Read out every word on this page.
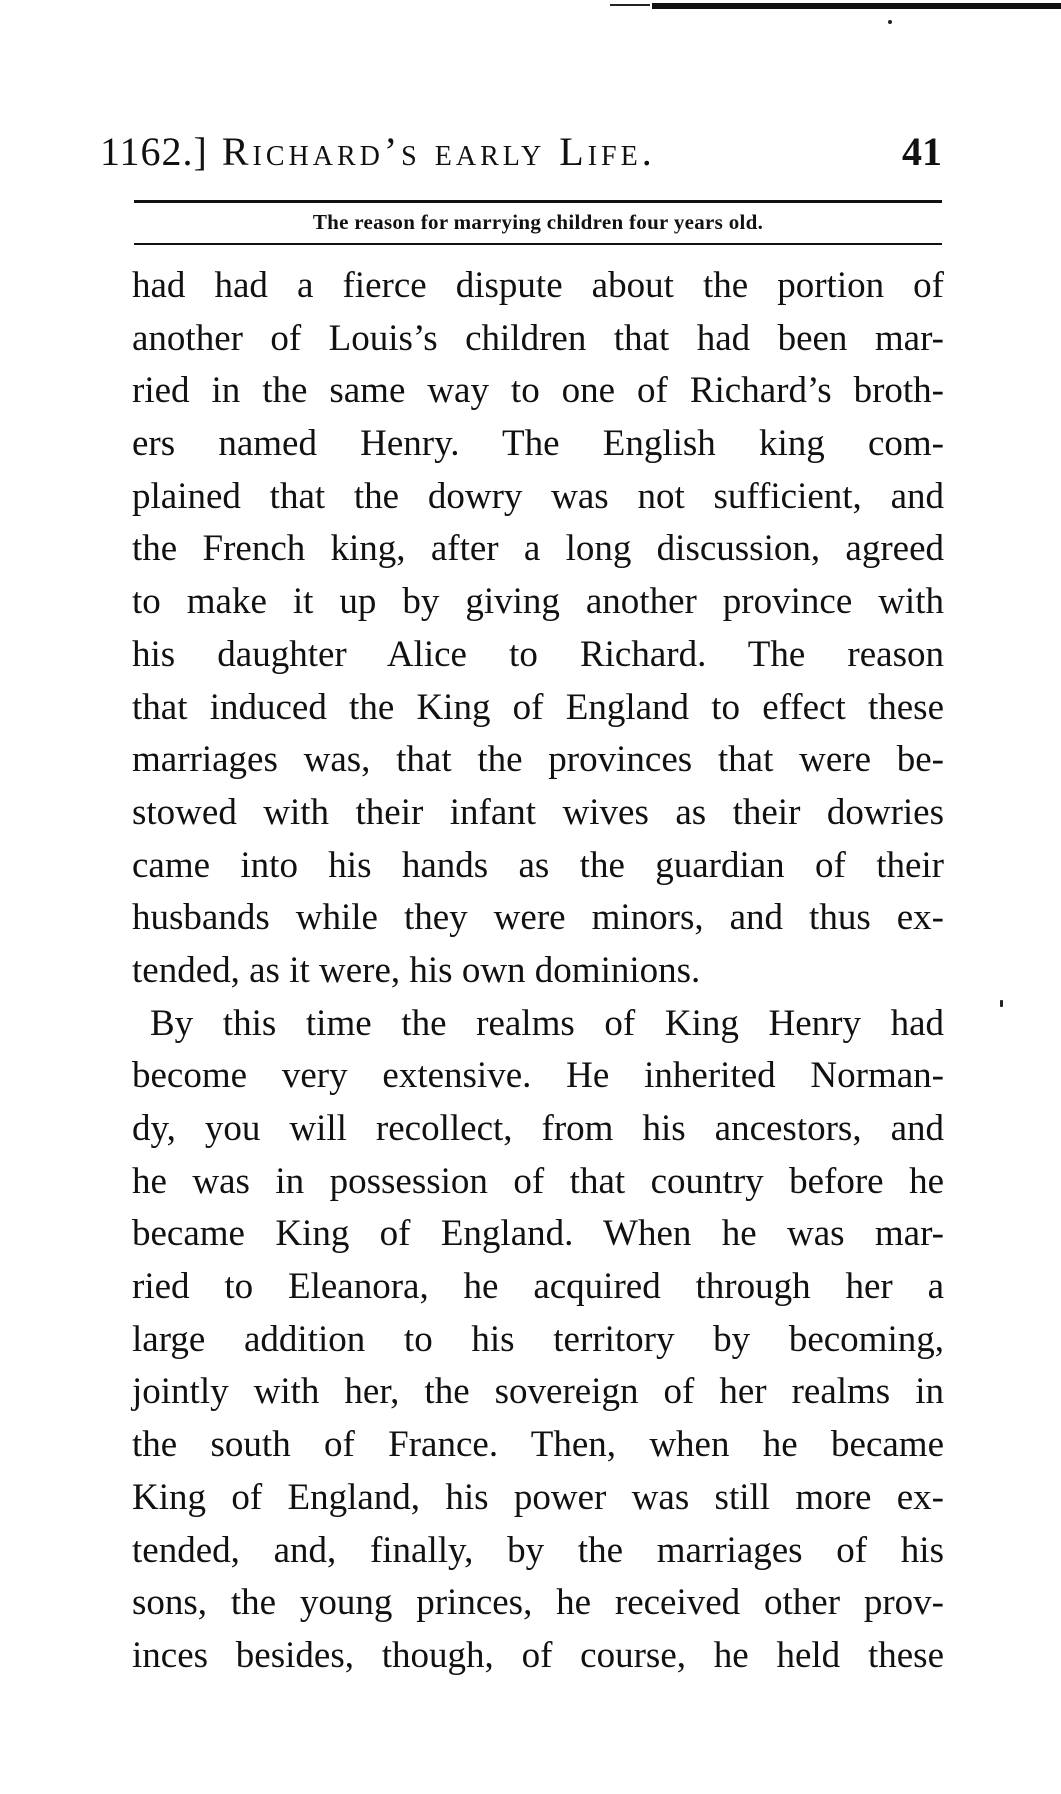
1162.] Richard’s early Life.	41
The reason for marrying children four years old.
had had a fierce dispute about the portion of
another of Louis’s children that had been mar-
ried in the same way to one of Richard’s broth-
ers named Henry. The English king com-
plained that the dowry was not sufficient, and
the French king, after a long discussion, agreed
to make it up by giving another province with
his daughter Alice to Richard. The reason
that induced the King of England to effect these
marriages was, that the provinces that were be-
stowed with their infant wives as their dowries
came into his hands as the guardian of their
husbands while they were minors, and thus ex-
tended, as it were, his own dominions.
By this time the realms of King Henry had
become very extensive. He inherited Norman-
dy, you will recollect, from his ancestors, and
he was in possession of that country before he
became King of England. When he was mar-
ried to Eleanora, he acquired through her a
large addition to his territory by becoming,
jointly with her, the sovereign of her realms in
the south of France. Then, when he became
King of England, his power was still more ex-
tended, and, finally, by the marriages of his
sons, the young princes, he received other prov-
inces besides, though, of course, he held these
